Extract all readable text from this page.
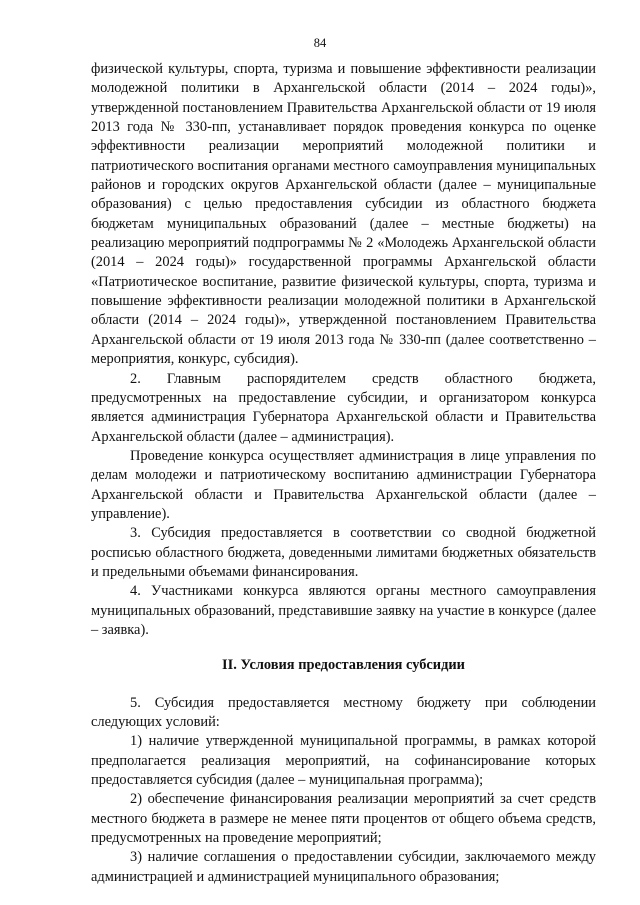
84

физической культуры, спорта, туризма и повышение эффективности реализации молодежной политики в Архангельской области (2014 – 2024 годы)», утвержденной постановлением Правительства Архангельской области от 19 июля 2013 года № 330-пп, устанавливает порядок проведения конкурса по оценке эффективности реализации мероприятий молодежной политики и патриотического воспитания органами местного самоуправления муниципальных районов и городских округов Архангельской области (далее – муниципальные образования) с целью предоставления субсидии из областного бюджета бюджетам муниципальных образований (далее – местные бюджеты) на реализацию мероприятий подпрограммы № 2 «Молодежь Архангельской области (2014 – 2024 годы)» государственной программы Архангельской области «Патриотическое воспитание, развитие физической культуры, спорта, туризма и повышение эффективности реализации молодежной политики в Архангельской области (2014 – 2024 годы)», утвержденной постановлением Правительства Архангельской области от 19 июля 2013 года № 330-пп (далее соответственно – мероприятия, конкурс, субсидия).

2. Главным распорядителем средств областного бюджета, предусмотренных на предоставление субсидии, и организатором конкурса является администрация Губернатора Архангельской области и Правительства Архангельской области (далее – администрация).

Проведение конкурса осуществляет администрация в лице управления по делам молодежи и патриотическому воспитанию администрации Губернатора Архангельской области и Правительства Архангельской области (далее – управление).

3. Субсидия предоставляется в соответствии со сводной бюджетной росписью областного бюджета, доведенными лимитами бюджетных обязательств и предельными объемами финансирования.

4. Участниками конкурса являются органы местного самоуправления муниципальных образований, представившие заявку на участие в конкурсе (далее – заявка).

II. Условия предоставления субсидии

5. Субсидия предоставляется местному бюджету при соблюдении следующих условий:

1) наличие утвержденной муниципальной программы, в рамках которой предполагается реализация мероприятий, на софинансирование которых предоставляется субсидия (далее – муниципальная программа);

2) обеспечение финансирования реализации мероприятий за счет средств местного бюджета в размере не менее пяти процентов от общего объема средств, предусмотренных на проведение мероприятий;

3) наличие соглашения о предоставлении субсидии, заключаемого между администрацией и администрацией муниципального образования;
